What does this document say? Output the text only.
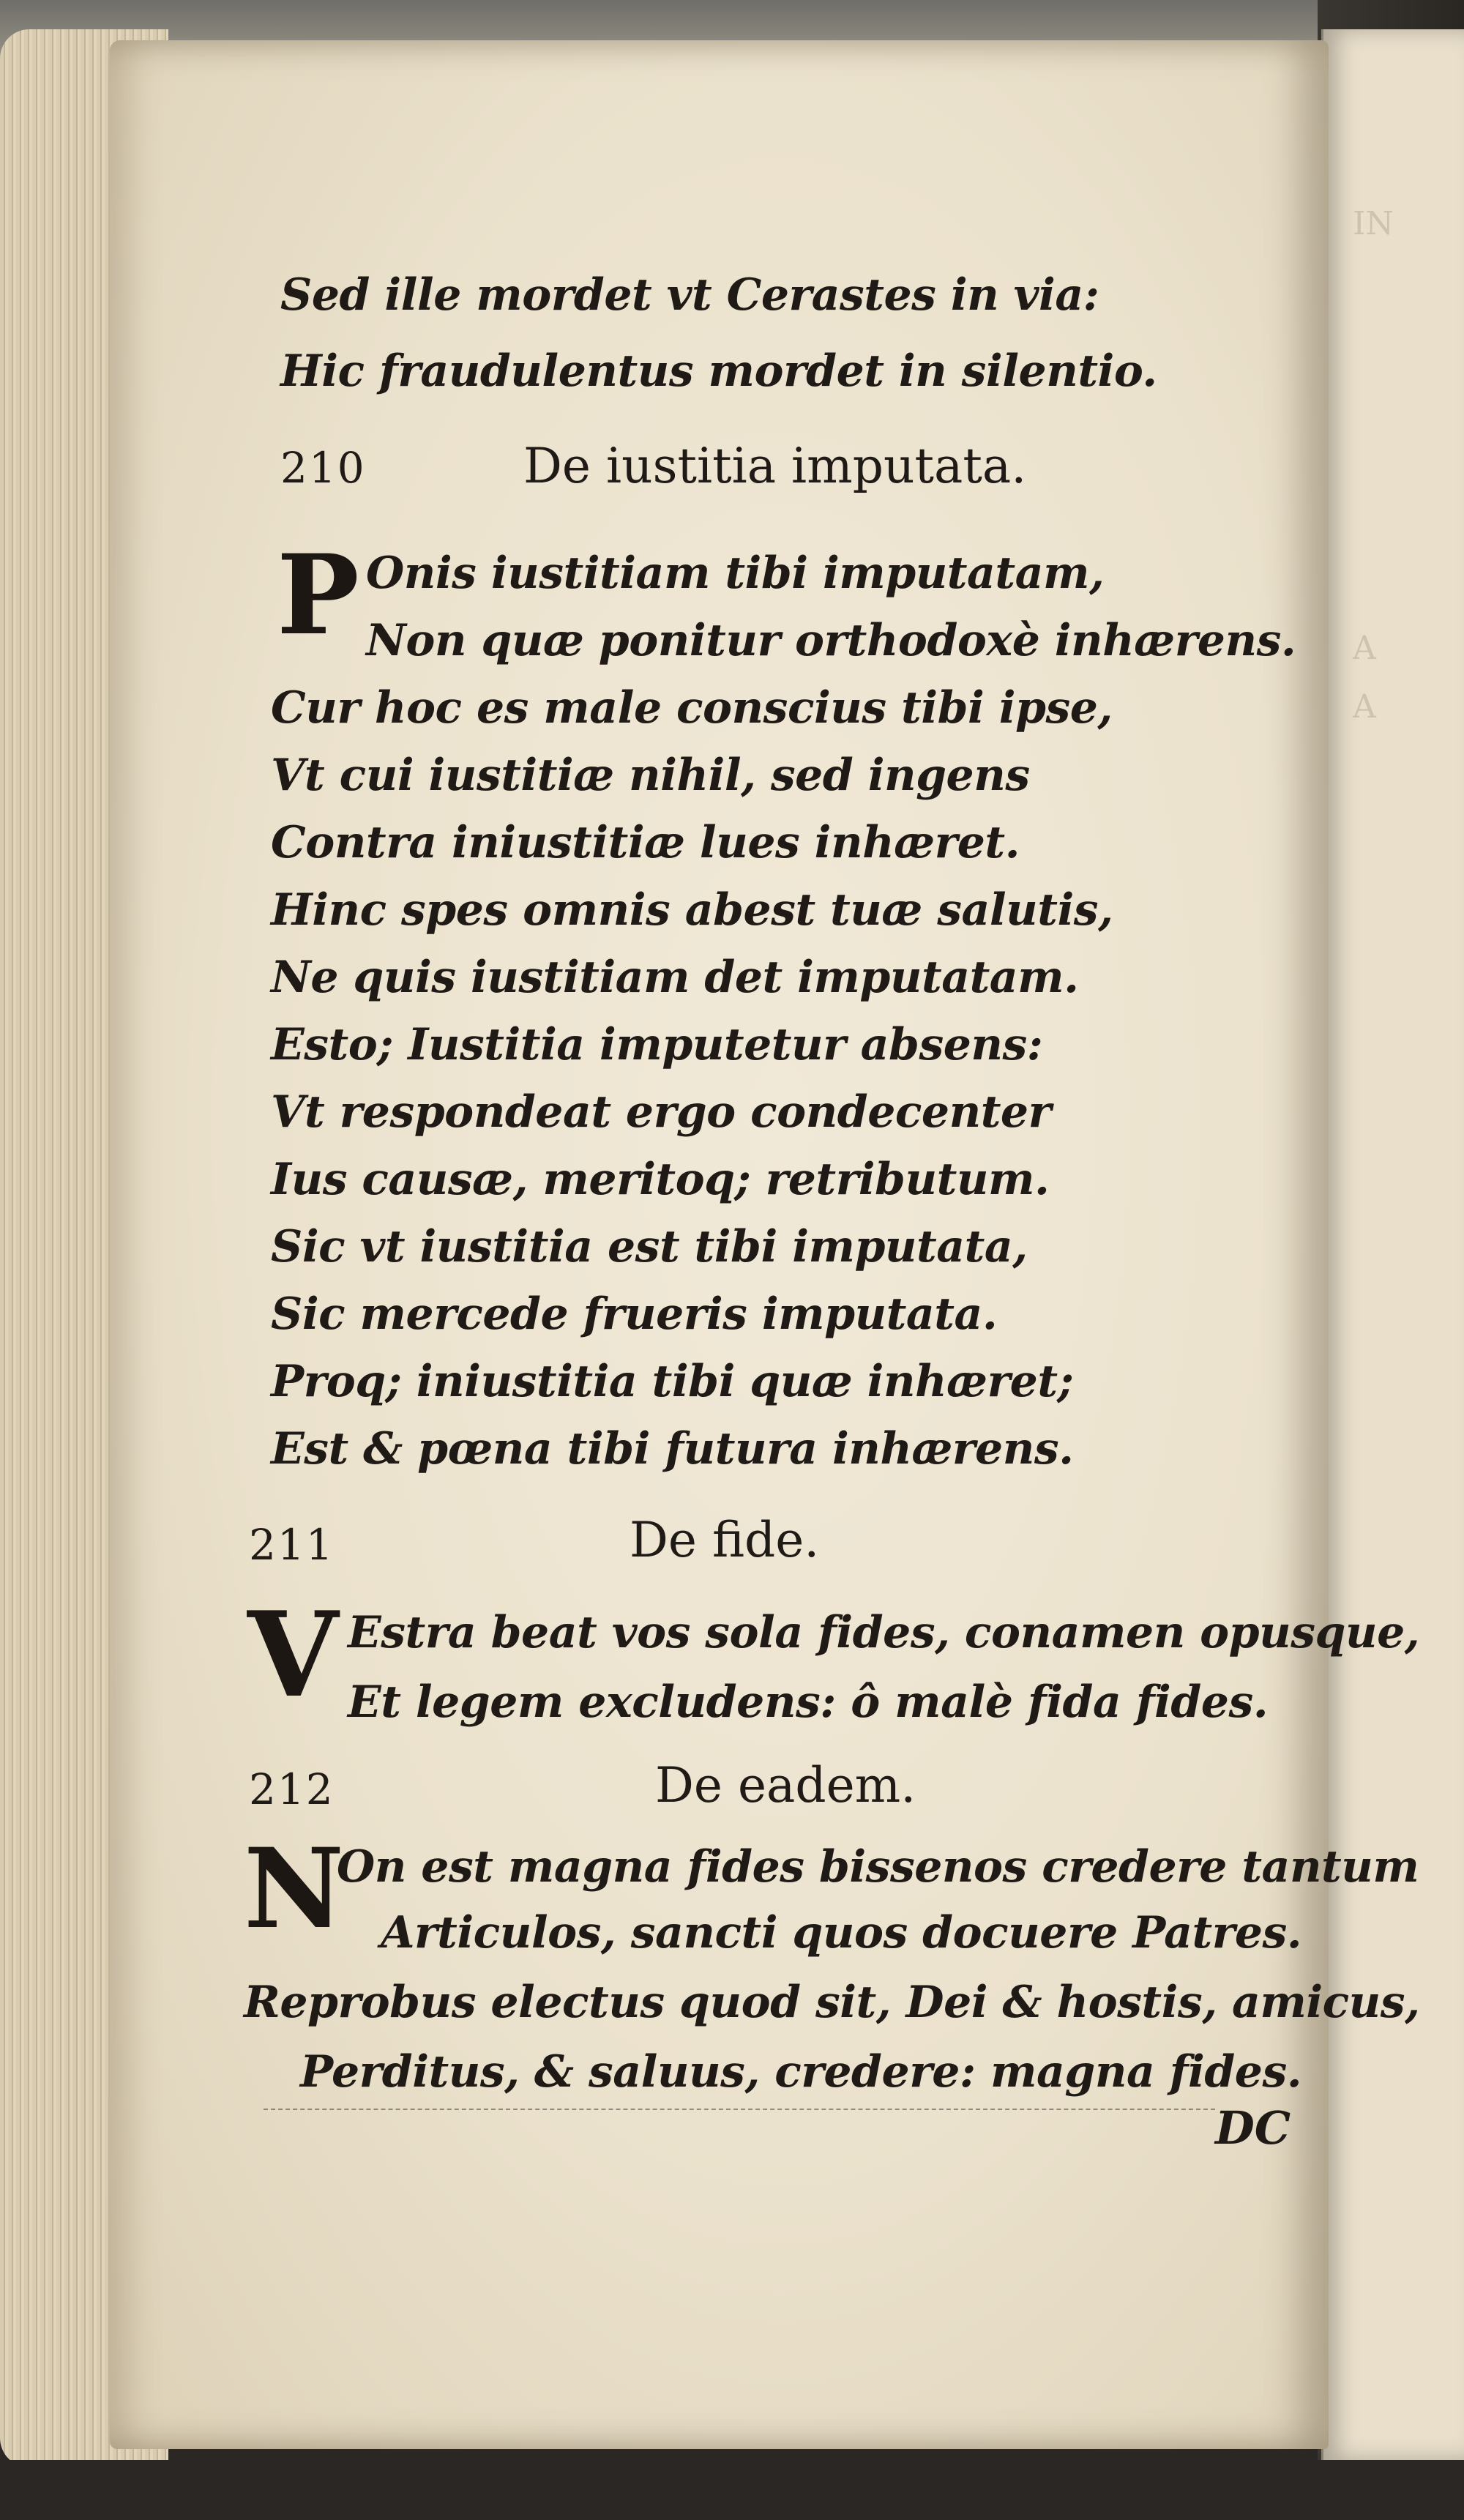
IN
A
A
Sed ille mordet vt Cerastes in via:
Hic fraudulentus mordet in silentio.
210	De iustitia imputata.
P Onis iustitiam tibi imputatam,
Non quæ ponitur orthodoxè inhærens.
Cur hoc es male conscius tibi ipse,
Vt cui iustitiæ nihil, sed ingens
Contra iniustitiæ lues inhæret.
Hinc spes omnis abest tuæ salutis,
Ne quis iustitiam det imputatam.
Esto; Iustitia imputetur absens:
Vt respondeat ergo condecenter
Ius causæ, meritoq; retributum.
Sic vt iustitia est tibi imputata,
Sic mercede frueris imputata.
Proq; iniustitia tibi quæ inhæret;
Est & pœna tibi futura inhærens.
211	De fide.
V Estra beat vos sola fides, conamen opusque,
Et legem excludens: ô malè fida fides.
212	De eadem.
N
On est magna fides bissenos credere tantum
Articulos, sancti quos docuere Patres.
Reprobus electus quod sit, Dei & hostis, amicus,
Perditus, & saluus, credere: magna fides.
DC
